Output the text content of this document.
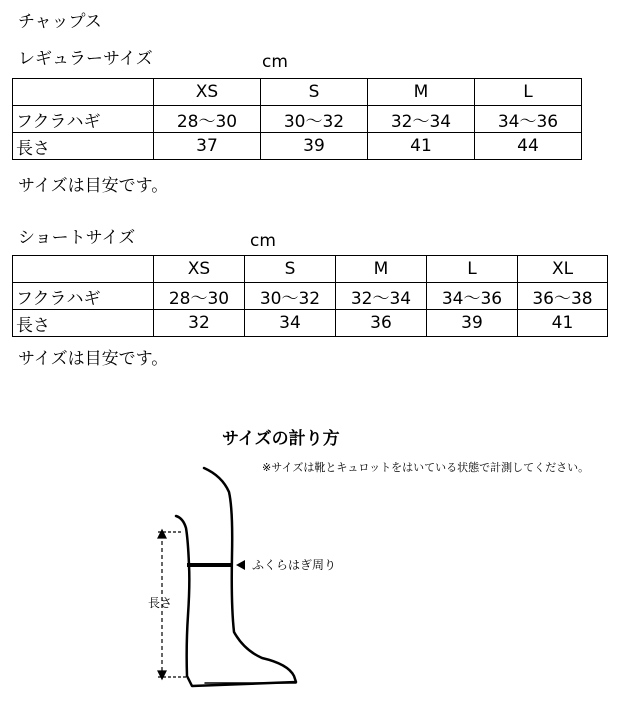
チャップス
レギュラーサイズ	cm
	XS	S	M	L
フクラハギ	28〜30	30〜32	32〜34	34〜36
長さ	37	39	41	44
サイズは目安です。
ショートサイズ	cm
	XS	S	M	L	XL
フクラハギ	28〜30	30〜32	32〜34	34〜36	36〜38
長さ	32	34	36	39	41
サイズは目安です。
サイズの計り方
※サイズは靴とキュロットをはいている状態で計測してください。
ふくらはぎ周り
長さ
